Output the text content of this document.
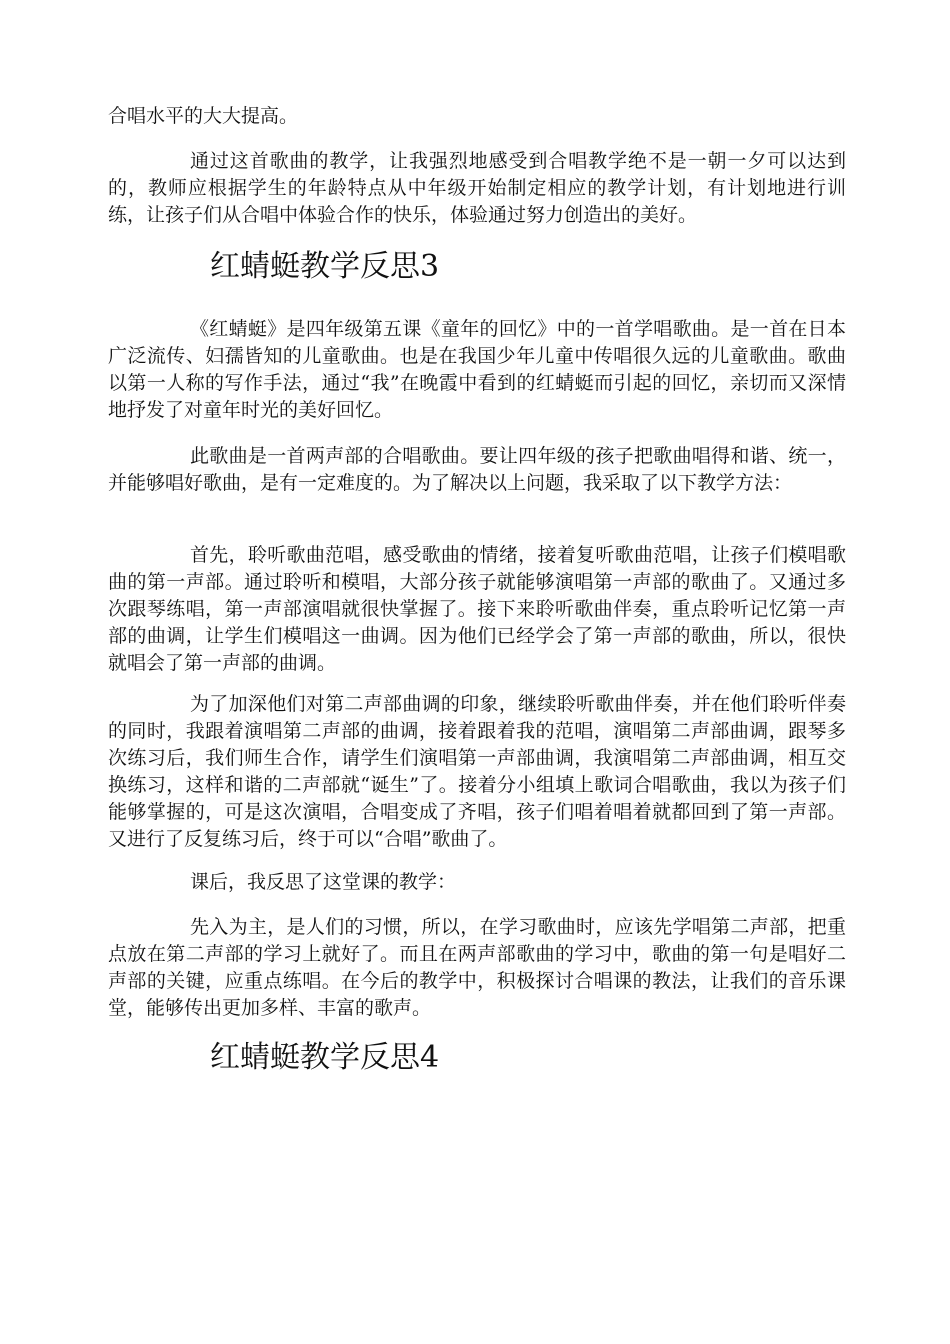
合唱水平的大大提高。

通过这首歌曲的教学，让我强烈地感受到合唱教学绝不是一朝一夕可以达到的，教师应根据学生的年龄特点从中年级开始制定相应的教学计划，有计划地进行训练，让孩子们从合唱中体验合作的快乐，体验通过努力创造出的美好。

红蜻蜓教学反思3

《红蜻蜓》是四年级第五课《童年的回忆》中的一首学唱歌曲。是一首在日本广泛流传、妇孺皆知的儿童歌曲。也是在我国少年儿童中传唱很久远的儿童歌曲。歌曲以第一人称的写作手法，通过“我”在晚霞中看到的红蜻蜓而引起的回忆，亲切而又深情地抒发了对童年时光的美好回忆。

此歌曲是一首两声部的合唱歌曲。要让四年级的孩子把歌曲唱得和谐、统一，并能够唱好歌曲，是有一定难度的。为了解决以上问题，我采取了以下教学方法：

首先，聆听歌曲范唱，感受歌曲的情绪，接着复听歌曲范唱，让孩子们模唱歌曲的第一声部。通过聆听和模唱，大部分孩子就能够演唱第一声部的歌曲了。又通过多次跟琴练唱，第一声部演唱就很快掌握了。接下来聆听歌曲伴奏，重点聆听记忆第一声部的曲调，让学生们模唱这一曲调。因为他们已经学会了第一声部的歌曲，所以，很快就唱会了第一声部的曲调。

为了加深他们对第二声部曲调的印象，继续聆听歌曲伴奏，并在他们聆听伴奏的同时，我跟着演唱第二声部的曲调，接着跟着我的范唱，演唱第二声部曲调，跟琴多次练习后，我们师生合作，请学生们演唱第一声部曲调，我演唱第二声部曲调，相互交换练习，这样和谐的二声部就“诞生”了。接着分小组填上歌词合唱歌曲，我以为孩子们能够掌握的，可是这次演唱，合唱变成了齐唱，孩子们唱着唱着就都回到了第一声部。又进行了反复练习后，终于可以“合唱”歌曲了。

课后，我反思了这堂课的教学：

先入为主，是人们的习惯，所以，在学习歌曲时，应该先学唱第二声部，把重点放在第二声部的学习上就好了。而且在两声部歌曲的学习中，歌曲的第一句是唱好二声部的关键，应重点练唱。在今后的教学中，积极探讨合唱课的教法，让我们的音乐课堂，能够传出更加多样、丰富的歌声。

红蜻蜓教学反思4
